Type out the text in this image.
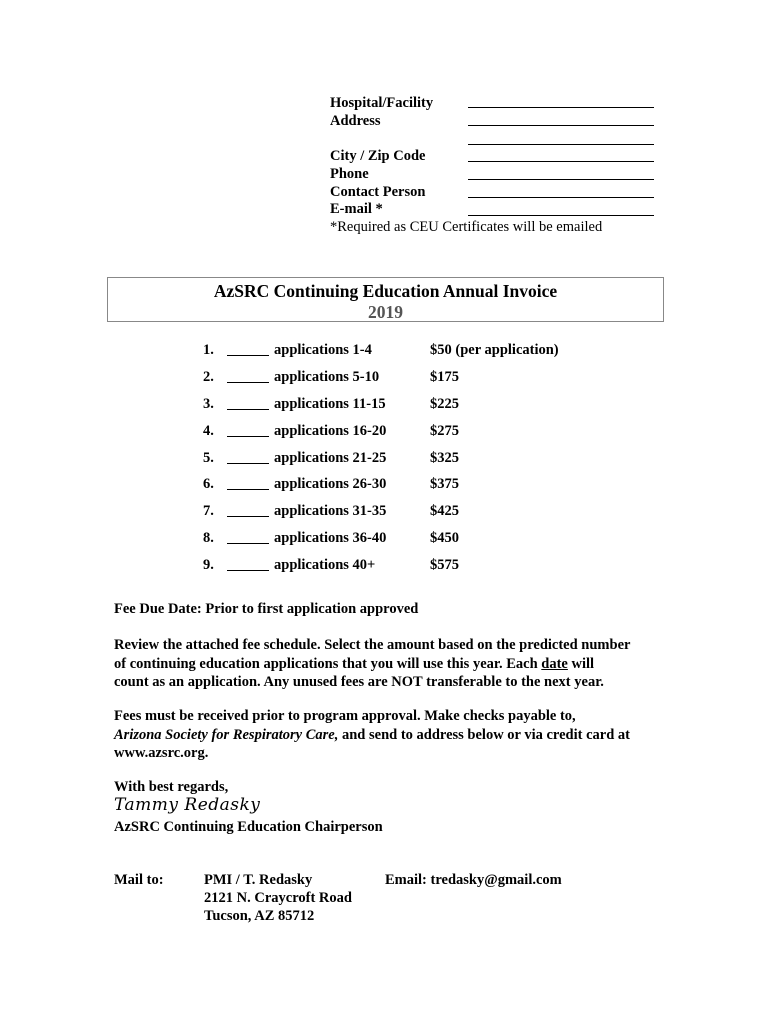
Hospital/Facility
Address
City / Zip Code
Phone
Contact Person
E-mail *
*Required as CEU Certificates will be emailed
AzSRC Continuing Education Annual Invoice
2019
1.	applications 1-4	$50 (per application)
2.	applications 5-10	$175
3.	applications 11-15	$225
4.	applications 16-20	$275
5.	applications 21-25	$325
6.	applications 26-30	$375
7.	applications 31-35	$425
8.	applications 36-40	$450
9.	applications 40+	$575
Fee Due Date: Prior to first application approved
Review the attached fee schedule. Select the amount based on the predicted number
of continuing education applications that you will use this year. Each date will
count as an application. Any unused fees are NOT transferable to the next year.
Fees must be received prior to program approval. Make checks payable to,
Arizona Society for Respiratory Care, and send to address below or via credit card at
www.azsrc.org.
With best regards,
Tammy Redasky
AzSRC Continuing Education Chairperson
Mail to:	PMI / T. Redasky
2121 N. Craycroft Road
Tucson, AZ 85712
Email: tredasky@gmail.com
